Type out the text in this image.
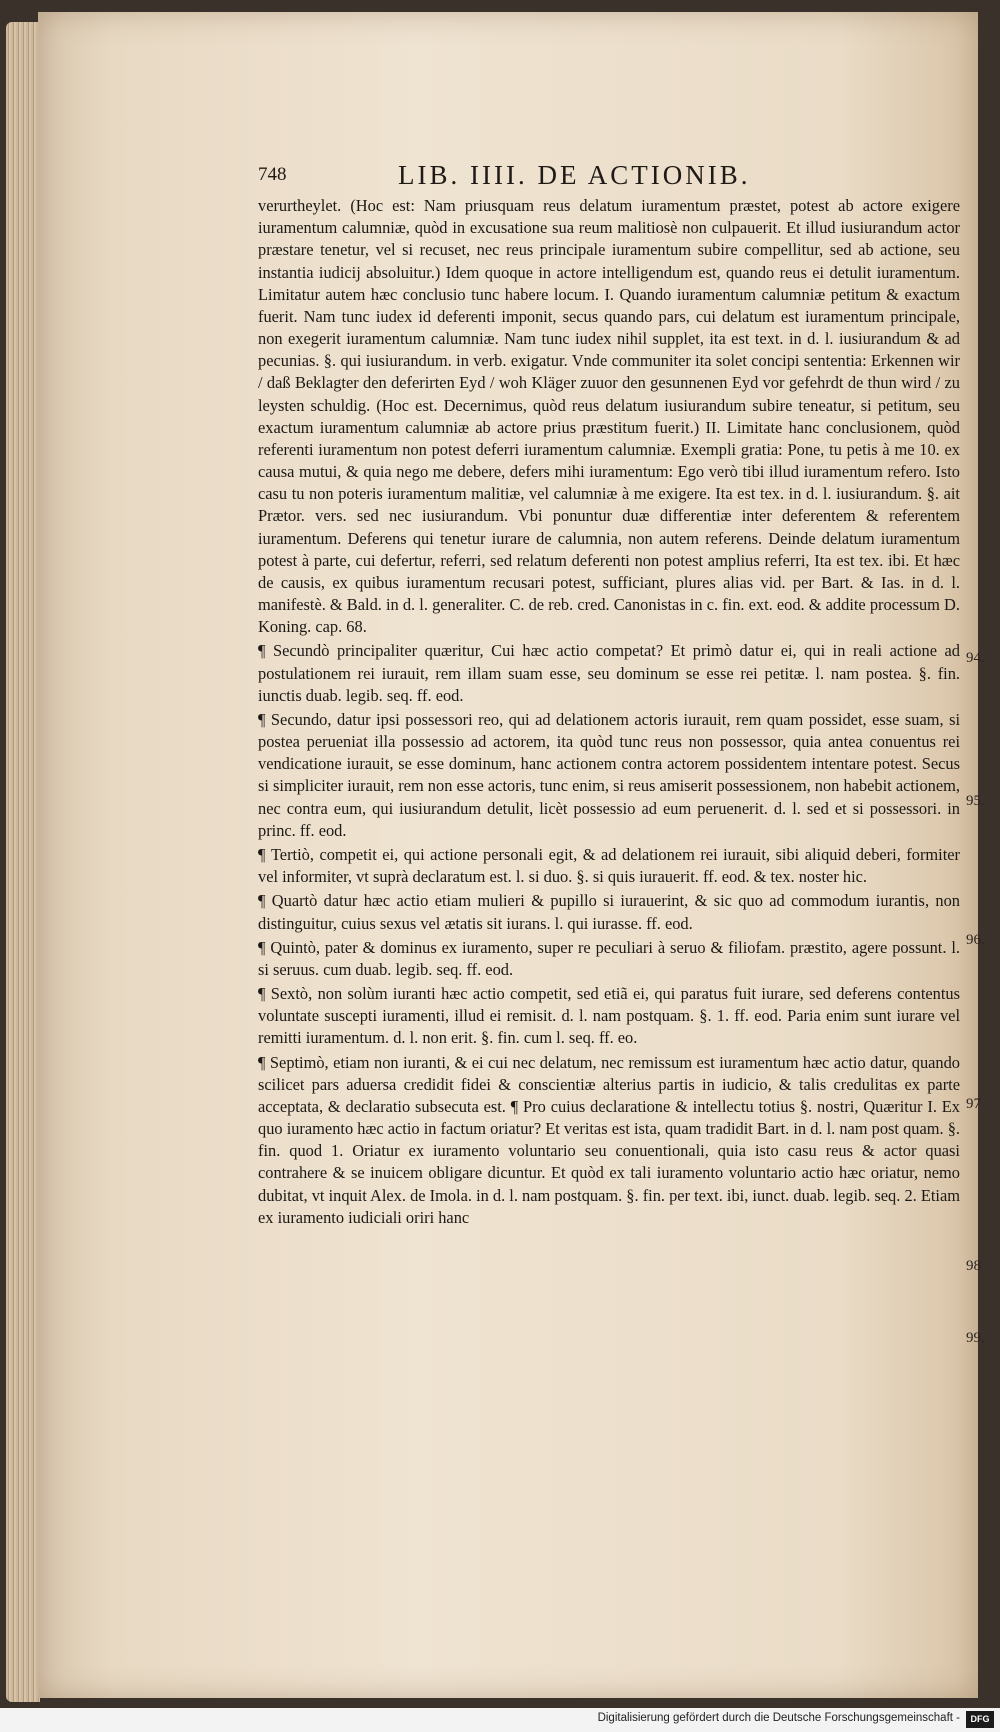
748	LIB. IIII. DE ACTIONIB.

verurtheylet. (Hoc est: Nam priusquam reus delatum iuramentum præstet, potest ab actore exigere iuramentum calumniæ, quòd in excusatione sua reum malitiosè non culpauerit. Et illud iusiurandum actor præstare tenetur, vel si recuset, nec reus principale iuramentum subire compellitur, sed ab actione, seu instantia iudicij absoluitur.) Idem quoque in actore intelligendum est, quando reus ei detulit iuramentum. Limitatur autem hæc conclusio tunc habere locum. I. Quando iuramentum calumniæ petitum & exactum fuerit. Nam tunc iudex id deferenti imponit, secus quando pars, cui delatum est iuramentum principale, non exegerit iuramentum calumniæ. Nam tunc iudex nihil supplet, ita est text. in d. l. iusiurandum & ad pecunias. §. qui iusiurandum. in verb. exigatur. Vnde communiter ita solet concipi sententia: Erkennen wir / daß Beklagter den deferirten Eyd / woh Kläger zuuor den gesunnenen Eyd vor gefehrdt de thun wird / zu leysten schuldig. (Hoc est. Decernimus, quòd reus delatum iusiurandum subire teneatur, si petitum, seu exactum iuramentum calumniæ ab actore prius præstitum fuerit.) II. Limitate hanc conclusionem, quòd referenti iuramentum non potest deferri iuramentum calumniæ. Exempli gratia: Pone, tu petis à me 10. ex causa mutui, & quia nego me debere, defers mihi iuramentum: Ego verò tibi illud iuramentum refero. Isto casu tu non poteris iuramentum malitiæ, vel calumniæ à me exigere. Ita est tex. in d. l. iusiurandum. §. ait Prætor. vers. sed nec iusiurandum. Vbi ponuntur duæ differentiæ inter deferentem & referentem iuramentum. Deferens qui tenetur iurare de calumnia, non autem referens. Deinde delatum iuramentum potest à parte, cui defertur, referri, sed relatum deferenti non potest amplius referri, Ita est tex. ibi. Et hæc de causis, ex quibus iuramentum recusari potest, sufficiant, plures alias vid. per Bart. & Ias. in d. l. manifestè. & Bald. in d. l. generaliter. C. de reb. cred. Canonistas in c. fin. ext. eod. & addite processum D. Koning. cap. 68.

¶ Secundò principaliter quæritur, Cui hæc actio competat? Et primò datur ei, qui in reali actione ad postulationem rei iurauit, rem illam suam esse, seu dominum se esse rei petitæ. l. nam postea. §. fin. iunctis duab. legib. seq. ff. eod.

¶ Secundo, datur ipsi possessori reo, qui ad delationem actoris iurauit, rem quam possidet, esse suam, si postea perueniat illa possessio ad actorem, ita quòd tunc reus non possessor, quia antea conuentus rei vendicatione iurauit, se esse dominum, hanc actionem contra actorem possidentem intentare potest. Secus si simpliciter iurauit, rem non esse actoris, tunc enim, si reus amiserit possessionem, non habebit actionem, nec contra eum, qui iusiurandum detulit, licèt possessio ad eum peruenerit. d. l. sed et si possessori. in princ. ff. eod.

¶ Tertiò, competit ei, qui actione personali egit, & ad delationem rei iurauit, sibi aliquid deberi, formiter vel informiter, vt suprà declaratum est. l. si duo. §. si quis iurauerit. ff. eod. & tex. noster hic.

¶ Quartò datur hæc actio etiam mulieri & pupillo si iurauerint, & sic quo ad commodum iurantis, non distinguitur, cuius sexus vel ætatis sit iurans. l. qui iurasse. ff. eod.

¶ Quintò, pater & dominus ex iuramento, super re peculiari à seruo & filiofam. præstito, agere possunt. l. si seruus. cum duab. legib. seq. ff. eod.

¶ Sextò, non solùm iuranti hæc actio competit, sed etiã ei, qui paratus fuit iurare, sed deferens contentus voluntate suscepti iuramenti, illud ei remisit. d. l. nam postquam. §. 1. ff. eod. Paria enim sunt iurare vel remitti iuramentum. d. l. non erit. §. fin. cum l. seq. ff. eo.

¶ Septimò, etiam non iuranti, & ei cui nec delatum, nec remissum est iuramentum hæc actio datur, quando scilicet pars aduersa credidit fidei & conscientiæ alterius partis in iudicio, & talis credulitas ex parte acceptata, & declaratio subsecuta est. ¶ Pro cuius declaratione & intellectu totius §. nostri, Quæritur I. Ex quo iuramento hæc actio in factum oriatur? Et veritas est ista, quam tradidit Bart. in d. l. nam post quam. §. fin. quod 1. Oriatur ex iuramento voluntario seu conuentionali, quia isto casu reus & actor quasi contrahere & se inuicem obligare dicuntur. Et quòd ex tali iuramento voluntario actio hæc oriatur, nemo dubitat, vt inquit Alex. de Imola. in d. l. nam postquam. §. fin. per text. ibi, iunct. duab. legib. seq. 2. Etiam ex iuramento iudiciali oriri hanc

94.
95.
96.
97
98
99.
Digitalisierung gefördert durch die Deutsche Forschungsgemeinschaft -	DFG
